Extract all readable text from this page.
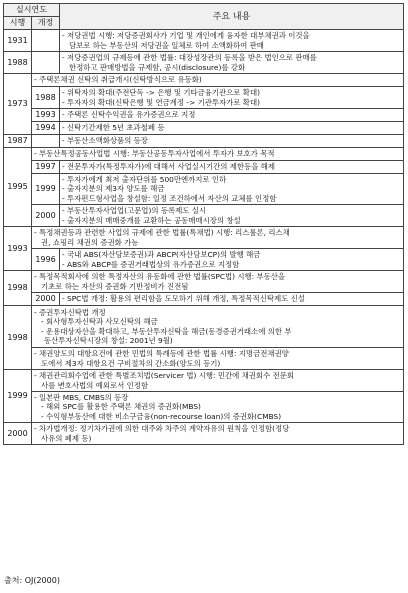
실시연도		주요 내용
시행	개정	
1931		- 저당권법 시행: 저당증권회사가 기업 및 개인에게 융자한 대부채권과 이것을
담보로 하는 부동산의 저당권을 일체로 하여 소액화하여 판매

1988		- 저당증권업의 규제등에 관한 법률: 대장성장관의 등록을 받은 법인으로 판매를
한정하고 판매방법을 규제함, 공시(disclosure)를 강화

1973	- 주택론채권 신탁의 취급개시(신탁방식으로 유동화)	

	1988	- 위탁자의 확대(주전단독 -> 은행 및 기타금융기관으로 확대)
- 투자자의 확대(신탁은행 및 연금계정 -> 기관투자가로 확대)

	1993	- 주택론 신탁수익권을 유가증권으로 지정

	1994	- 신탁기간제한 5년 초과철폐 등

1987		- 부동산소액화상품의 등장

1995	- 부동산특정공동사업법 시행: 부동산공동투자사업에서 투자가 보호가 목적	

	1997	- 전문투자가(특정투자가)에 대해서 사업실시기간의 제한등을 해제

	1999	- 투자가에게 최저 출자단위를 500만엔까지로 인하
- 출자지분의 제3자 양도를 해금
- 투자펀드형사업을 창설함: 일정 조건하에서 자산의 교체를 인정함

	2000	- 부동산투자사업업(고문업)의 등록제도 실시
- 출자지분의 매매중개를 교환하는 공동매매시장의 창설

1993	- 특정채권등과 관련한 사업의 규제에 관한 법률(특채법) 시행: 리스룰론, 리스채
권, 쇼핑리 채권의 증권화 가능	

	1996	- 국내 ABS(자산담보증권)과 ABCP(자산담보CP)의 발행 해금
- ABS와 ABCP를 증권거래법상의 유가증권으로 지정함

1998	- 특정목적회사에 의한 특정자산의 유동화에 관한 법률(SPC법) 시행: 부동산을
기초로 하는 자산의 증권화 기반정비가 진전됨	

	2000	- SPC법 개정: 활용의 편리함을 도모하기 위해 개정, 특정목적신탁제도 신설

1998	- 증권투자신탁법 개정
- 회사형투자신탁과 사모신탁의 해금
- 운용대상자산을 확대하고, 부동산투자신탁을 해금(동경증권거래소에 의한 부
동산투자신탁시장의 창설: 2001년 9월)	

	- 채권양도의 대항요건에 관한 민법의 특례등에 관한 법률 시행: 지명금전채권양
도에서 제3자 대항요건 구비절차의 간소화(양도의 등기)	

1999	- 채권관리회수업에 관한 특별조치법(Servicer 법) 시행: 민간에 채권회수 전문회
사를 변호사법의 예외로서 인정함	

	- 일본판 MBS, CMBS의 등장
- 해외 SPC를 활용한 주택론 채권의 증권화(MBS)
- 수익형부동산에 대한 비소구금융(non-recourse loan)의 증권화(CMBS)	

2000	- 차가법개정: 정기차가권에 의한 대주와 차주의 계약자유의 원칙을 인정함(정당
사유의 폐제 등)	
출처: OJ(2000)
